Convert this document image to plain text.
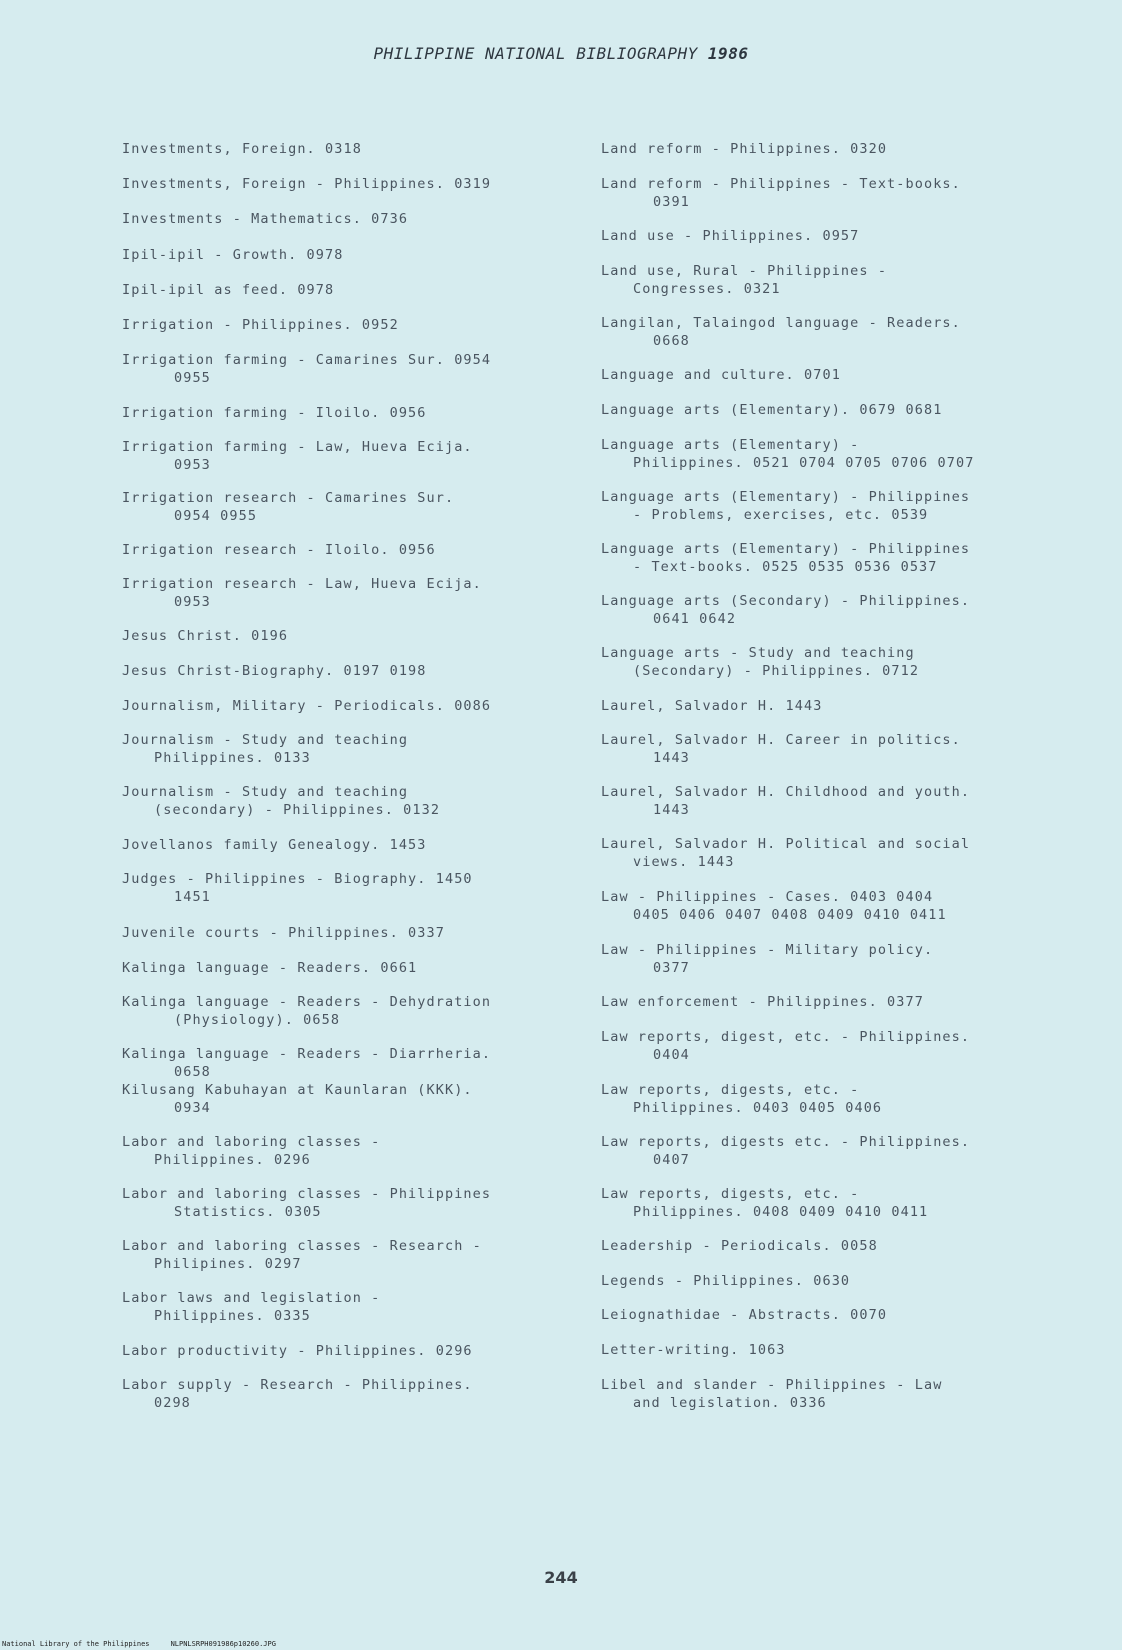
PHILIPPINE NATIONAL BIBLIOGRAPHY 1986
Investments, Foreign. 0318
Investments, Foreign - Philippines. 0319
Investments - Mathematics. 0736
Ipil-ipil - Growth. 0978
Ipil-ipil as feed. 0978
Irrigation - Philippines. 0952
Irrigation farming - Camarines Sur. 0954
0955
Irrigation farming - Iloilo. 0956
Irrigation farming - Law, Hueva Ecija.
0953
Irrigation research - Camarines Sur.
0954 0955
Irrigation research - Iloilo. 0956
Irrigation research - Law, Hueva Ecija.
0953
Jesus Christ. 0196
Jesus Christ-Biography. 0197 0198
Journalism, Military - Periodicals. 0086
Journalism - Study and teaching
Philippines. 0133
Journalism - Study and teaching
(secondary) - Philippines. 0132
Jovellanos family Genealogy. 1453
Judges - Philippines - Biography. 1450
1451
Juvenile courts - Philippines. 0337
Kalinga language - Readers. 0661
Kalinga language - Readers - Dehydration
(Physiology). 0658
Kalinga language - Readers - Diarrheria.
0658
Kilusang Kabuhayan at Kaunlaran (KKK).
0934
Labor and laboring classes -
Philippines. 0296
Labor and laboring classes - Philippines
Statistics. 0305
Labor and laboring classes - Research -
Philipines. 0297
Labor laws and legislation -
Philippines. 0335
Labor productivity - Philippines. 0296
Labor supply - Research - Philippines.
0298
Land reform - Philippines. 0320
Land reform - Philippines - Text-books.
0391
Land use - Philippines. 0957
Land use, Rural - Philippines -
Congresses. 0321
Langilan, Talaingod language - Readers.
0668
Language and culture. 0701
Language arts (Elementary). 0679 0681
Language arts (Elementary) -
Philippines. 0521 0704 0705 0706 0707
Language arts (Elementary) - Philippines
- Problems, exercises, etc. 0539
Language arts (Elementary) - Philippines
- Text-books. 0525 0535 0536 0537
Language arts (Secondary) - Philippines.
0641 0642
Language arts - Study and teaching
(Secondary) - Philippines. 0712
Laurel, Salvador H. 1443
Laurel, Salvador H. Career in politics.
1443
Laurel, Salvador H. Childhood and youth.
1443
Laurel, Salvador H. Political and social
views. 1443
Law - Philippines - Cases. 0403 0404
0405 0406 0407 0408 0409 0410 0411
Law - Philippines - Military policy.
0377
Law enforcement - Philippines. 0377
Law reports, digest, etc. - Philippines.
0404
Law reports, digests, etc. -
Philippines. 0403 0405 0406
Law reports, digests etc. - Philippines.
0407
Law reports, digests, etc. -
Philippines. 0408 0409 0410 0411
Leadership - Periodicals. 0058
Legends - Philippines. 0630
Leiognathidae - Abstracts. 0070
Letter-writing. 1063
Libel and slander - Philippines - Law
and legislation. 0336
244
National Library of the Philippines     NLPNLSRPH091986p10260.JPG
